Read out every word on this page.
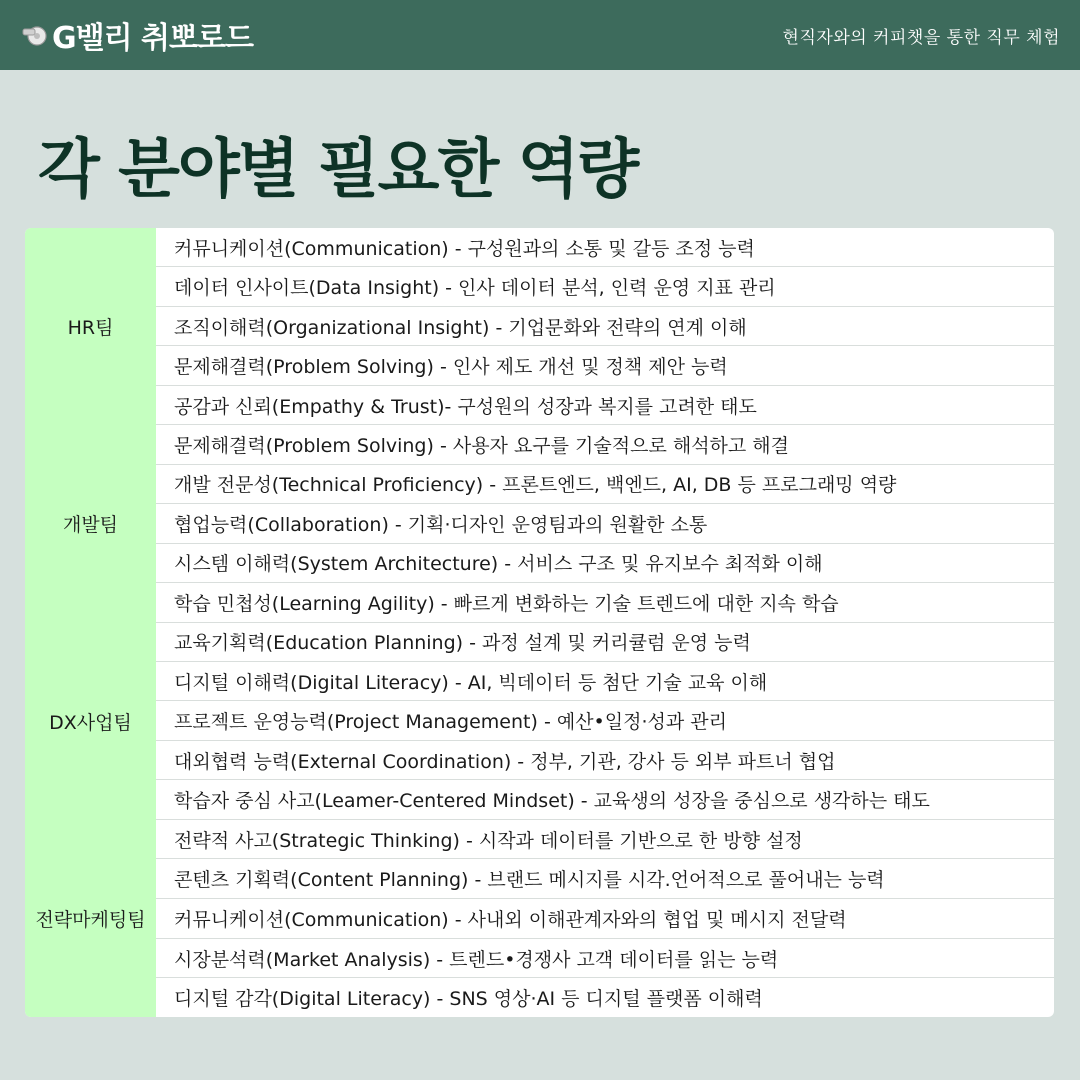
G밸리 취뽀로드	현직자와의 커피챗을 통한 직무 체험
각 분야별 필요한 역량
HR팀
커뮤니케이션(Communication) - 구성원과의 소통 및 갈등 조정 능력
데이터 인사이트(Data Insight) - 인사 데이터 분석, 인력 운영 지표 관리
조직이해력(Organizational Insight) - 기업문화와 전략의 연계 이해
문제해결력(Problem Solving) - 인사 제도 개선 및 정책 제안 능력
공감과 신뢰(Empathy & Trust)- 구성원의 성장과 복지를 고려한 태도
개발팀
문제해결력(Problem Solving) - 사용자 요구를 기술적으로 해석하고 해결
개발 전문성(Technical Proficiency) - 프론트엔드, 백엔드, AI, DB 등 프로그래밍 역량
협업능력(Collaboration) - 기획·디자인 운영팀과의 원활한 소통
시스템 이해력(System Architecture) - 서비스 구조 및 유지보수 최적화 이해
학습 민첩성(Learning Agility) - 빠르게 변화하는 기술 트렌드에 대한 지속 학습
DX사업팀
교육기획력(Education Planning) - 과정 설계 및 커리큘럼 운영 능력
디지털 이해력(Digital Literacy) - AI, 빅데이터 등 첨단 기술 교육 이해
프로젝트 운영능력(Project Management) - 예산•일정·성과 관리
대외협력 능력(External Coordination) - 정부, 기관, 강사 등 외부 파트너 협업
학습자 중심 사고(Leamer-Centered Mindset) - 교육생의 성장을 중심으로 생각하는 태도
전략마케팅팀
전략적 사고(Strategic Thinking) - 시작과 데이터를 기반으로 한 방향 설정
콘텐츠 기획력(Content Planning) - 브랜드 메시지를 시각.언어적으로 풀어내는 능력
커뮤니케이션(Communication) - 사내외 이해관계자와의 협업 및 메시지 전달력
시장분석력(Market Analysis) - 트렌드•경쟁사 고객 데이터를 읽는 능력
디지털 감각(Digital Literacy) - SNS 영상·AI 등 디지털 플랫폼 이해력
